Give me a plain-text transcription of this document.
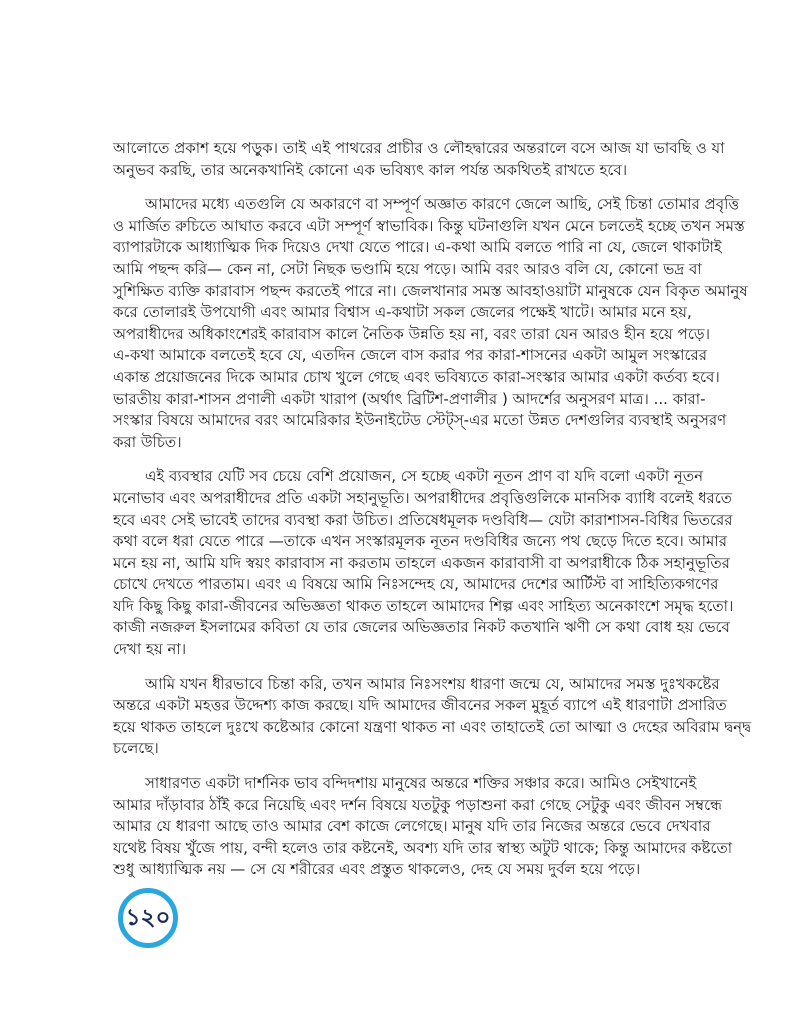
আলোতে প্রকাশ হয়ে পড়ুক। তাই এই পাথরের প্রাচীর ও লৌহদ্বারের অন্তরালে বসে আজ যা ভাবছি ও যা
অনুভব করছি, তার অনেকখানিই কোনো এক ভবিষ্যৎ কাল পর্যন্ত অকথিতই রাখতে হবে।
আমাদের মধ্যে এতগুলি যে অকারণে বা সম্পূর্ণ অজ্ঞাত কারণে জেলে আছি, সেই চিন্তা তোমার প্রবৃত্তি
ও মার্জিত রুচিতে আঘাত করবে এটা সম্পূর্ণ স্বাভাবিক। কিন্তু ঘটনাগুলি যখন মেনে চলতেই হচ্ছে তখন সমস্ত
ব্যাপারটাকে আধ্যাত্মিক দিক দিয়েও দেখা যেতে পারে। এ-কথা আমি বলতে পারি না যে, জেলে থাকাটাই
আমি পছন্দ করি— কেন না, সেটা নিছক ভণ্ডামি হয়ে পড়ে। আমি বরং আরও বলি যে, কোনো ভদ্র বা
সুশিক্ষিত ব্যক্তি কারাবাস পছন্দ করতেই পারে না। জেলখানার সমস্ত আবহাওয়াটা মানুষকে যেন বিকৃত অমানুষ
করে তোলারই উপযোগী এবং আমার বিশ্বাস এ-কথাটা সকল জেলের পক্ষেই খাটে। আমার মনে হয়,
অপরাধীদের অধিকাংশেরই কারাবাস কালে নৈতিক উন্নতি হয় না, বরং তারা যেন আরও হীন হয়ে পড়ে।
এ-কথা আমাকে বলতেই হবে যে, এতদিন জেলে বাস করার পর কারা-শাসনের একটা আমুল সংস্কারের
একান্ত প্রয়োজনের দিকে আমার চোখ খুলে গেছে এবং ভবিষ্যতে কারা-সংস্কার আমার একটা কর্তব্য হবে।
ভারতীয় কারা-শাসন প্রণালী একটা খারাপ (অর্থাৎ ব্রিটিশ-প্রণালীর ) আদর্শের অনুসরণ মাত্র। ... কারা-
সংস্কার বিষয়ে আমাদের বরং আমেরিকার ইউনাইটেড স্টেট্স্-এর মতো উন্নত দেশগুলির ব্যবস্থাই অনুসরণ
করা উচিত।
এই ব্যবস্থার যেটি সব চেয়ে বেশি প্রয়োজন, সে হচ্ছে একটা নূতন প্রাণ বা যদি বলো একটা নূতন
মনোভাব এবং অপরাধীদের প্রতি একটা সহানুভূতি। অপরাধীদের প্রবৃত্তিগুলিকে মানসিক ব্যাধি বলেই ধরতে
হবে এবং সেই ভাবেই তাদের ব্যবস্থা করা উচিত। প্রতিষেধমূলক দণ্ডবিধি— যেটা কারাশাসন-বিধির ভিতরের
কথা বলে ধরা যেতে পারে —তাকে এখন সংস্কারমূলক নূতন দণ্ডবিধির জন্যে পথ ছেড়ে দিতে হবে। আমার
মনে হয় না, আমি যদি স্বয়ং কারাবাস না করতাম তাহলে একজন কারাবাসী বা অপরাধীকে ঠিক সহানুভূতির
চোখে দেখতে পারতাম। এবং এ বিষয়ে আমি নিঃসন্দেহ যে, আমাদের দেশের আর্টিস্ট বা সাহিত্যিকগণের
যদি কিছু কিছু কারা-জীবনের অভিজ্ঞতা থাকত তাহলে আমাদের শিল্প এবং সাহিত্য অনেকাংশে সমৃদ্ধ হতো।
কাজী নজরুল ইসলামের কবিতা যে তার জেলের অভিজ্ঞতার নিকট কতখানি ঋণী সে কথা বোধ হয় ভেবে
দেখা হয় না।
আমি যখন ধীরভাবে চিন্তা করি, তখন আমার নিঃসংশয় ধারণা জন্মে যে, আমাদের সমস্ত দুঃখকষ্টের
অন্তরে একটা মহত্তর উদ্দেশ্য কাজ করছে। যদি আমাদের জীবনের সকল মুহূর্ত ব্যাপে এই ধারণাটা প্রসারিত
হয়ে থাকত তাহলে দুঃখে কষ্টেআর কোনো যন্ত্রণা থাকত না এবং তাহাতেই তো আত্মা ও দেহের অবিরাম দ্বন্দ্ব
চলেছে।
সাধারণত একটা দার্শনিক ভাব বন্দিদশায় মানুষের অন্তরে শক্তির সঞ্চার করে। আমিও সেইখানেই
আমার দাঁড়াবার ঠাঁই করে নিয়েছি এবং দর্শন বিষয়ে যতটুকু পড়াশুনা করা গেছে সেটুকু এবং জীবন সম্বন্ধে
আমার যে ধারণা আছে তাও আমার বেশ কাজে লেগেছে। মানুষ যদি তার নিজের অন্তরে ভেবে দেখবার
যথেষ্ট বিষয় খুঁজে পায়, বন্দী হলেও তার কষ্টনেই, অবশ্য যদি তার স্বাস্থ্য অটুট থাকে; কিন্তু আমাদের কষ্টতো
শুধু আধ্যাত্মিক নয় — সে যে শরীরের এবং প্রস্তুত থাকলেও, দেহ যে সময় দুর্বল হয়ে পড়ে।
১২০
